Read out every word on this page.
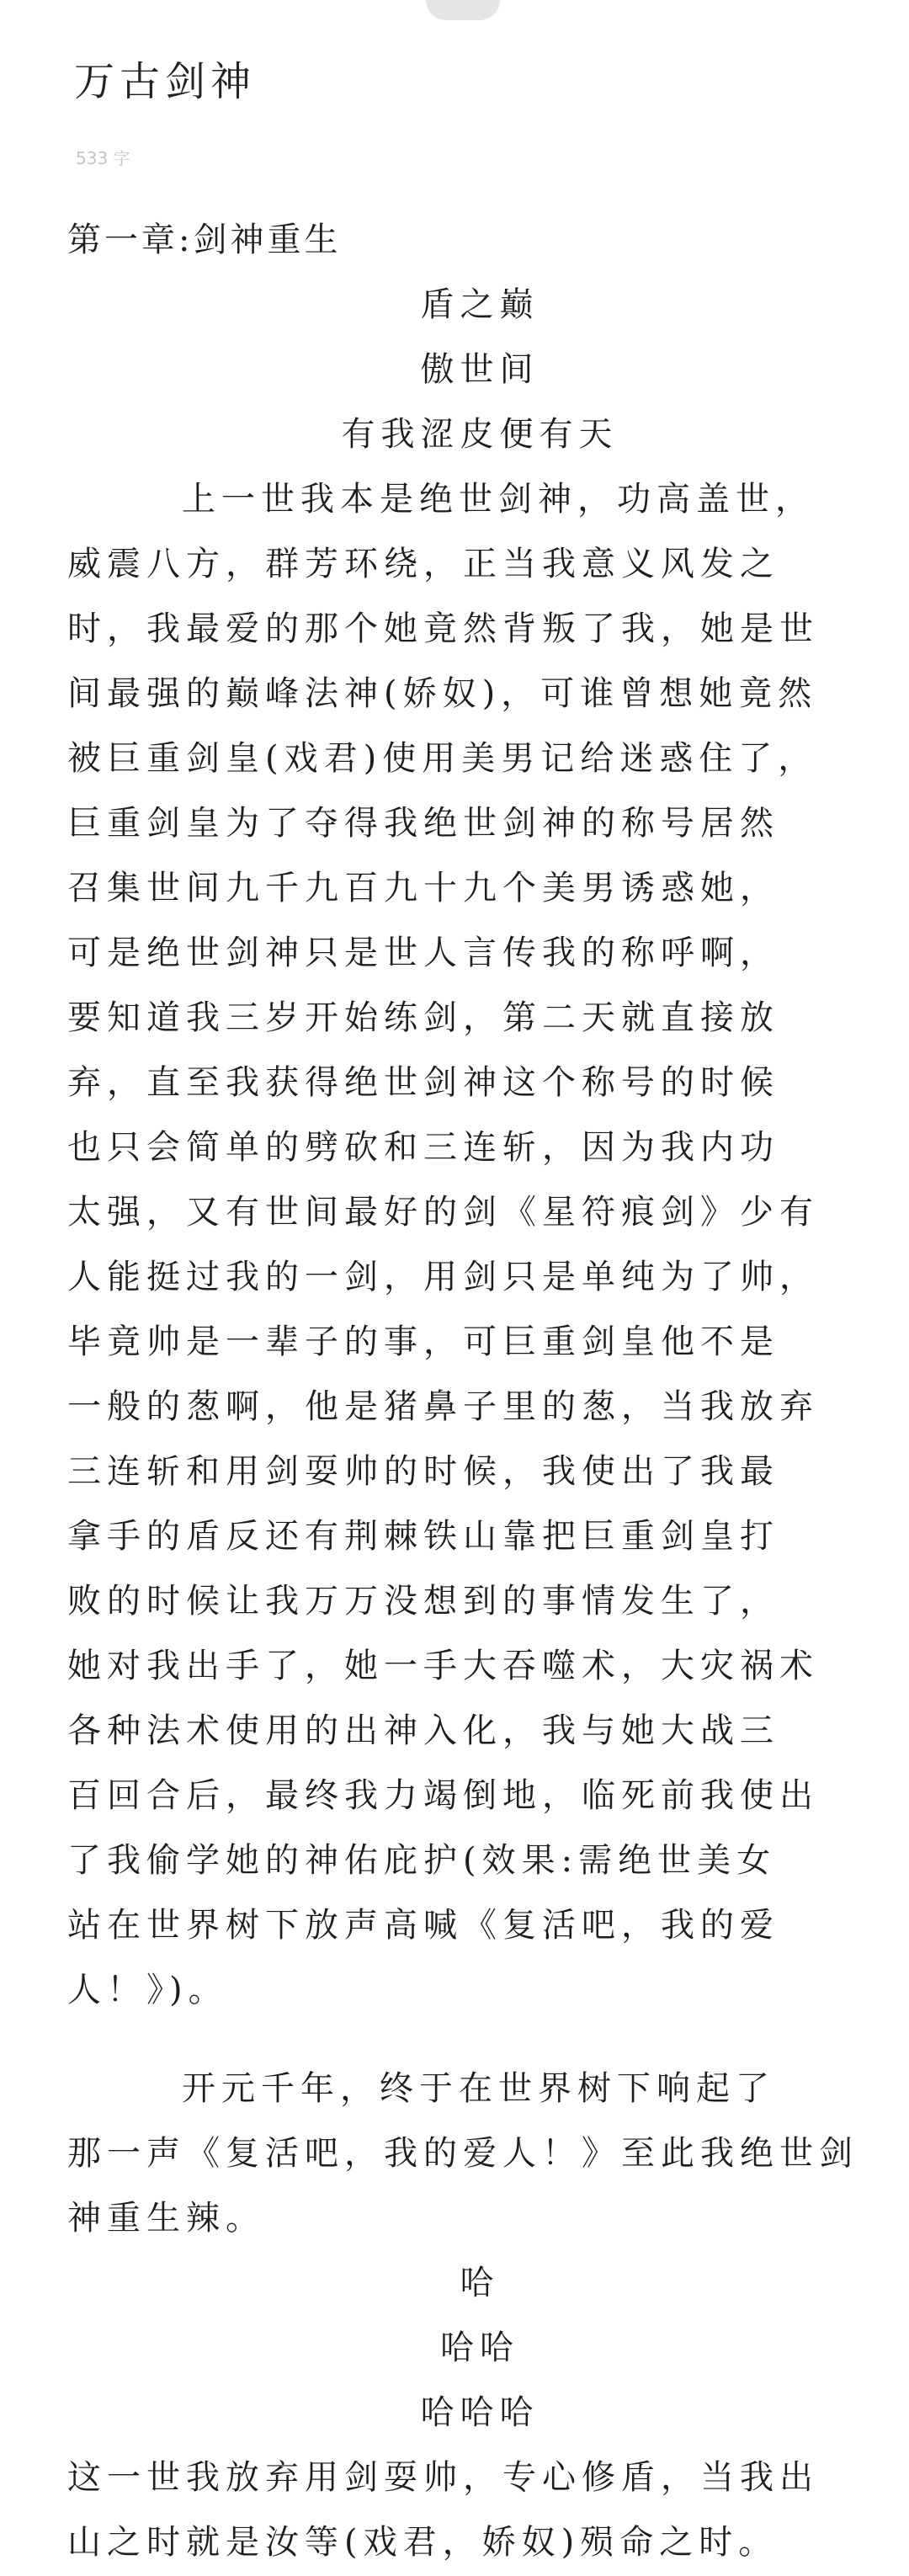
万古剑神
533 字
第一章:剑神重生
盾之巅
傲世间
有我涩皮便有天
上一世我本是绝世剑神，功高盖世，
威震八方，群芳环绕，正当我意义风发之
时，我最爱的那个她竟然背叛了我，她是世
间最强的巅峰法神(娇奴)，可谁曾想她竟然
被巨重剑皇(戏君)使用美男记给迷惑住了，
巨重剑皇为了夺得我绝世剑神的称号居然
召集世间九千九百九十九个美男诱惑她，
可是绝世剑神只是世人言传我的称呼啊，
要知道我三岁开始练剑，第二天就直接放
弃，直至我获得绝世剑神这个称号的时候
也只会简单的劈砍和三连斩，因为我内功
太强，又有世间最好的剑《星符痕剑》少有
人能挺过我的一剑，用剑只是单纯为了帅，
毕竟帅是一辈子的事，可巨重剑皇他不是
一般的葱啊，他是猪鼻子里的葱，当我放弃
三连斩和用剑耍帅的时候，我使出了我最
拿手的盾反还有荆棘铁山靠把巨重剑皇打
败的时候让我万万没想到的事情发生了，
她对我出手了，她一手大吞噬术，大灾祸术
各种法术使用的出神入化，我与她大战三
百回合后，最终我力竭倒地，临死前我使出
了我偷学她的神佑庇护(效果:需绝世美女
站在世界树下放声高喊《复活吧，我的爱
人！》)。
开元千年，终于在世界树下响起了
那一声《复活吧，我的爱人！》至此我绝世剑
神重生辣。
哈
哈哈
哈哈哈
这一世我放弃用剑耍帅，专心修盾，当我出
山之时就是汝等(戏君，娇奴)殒命之时。
